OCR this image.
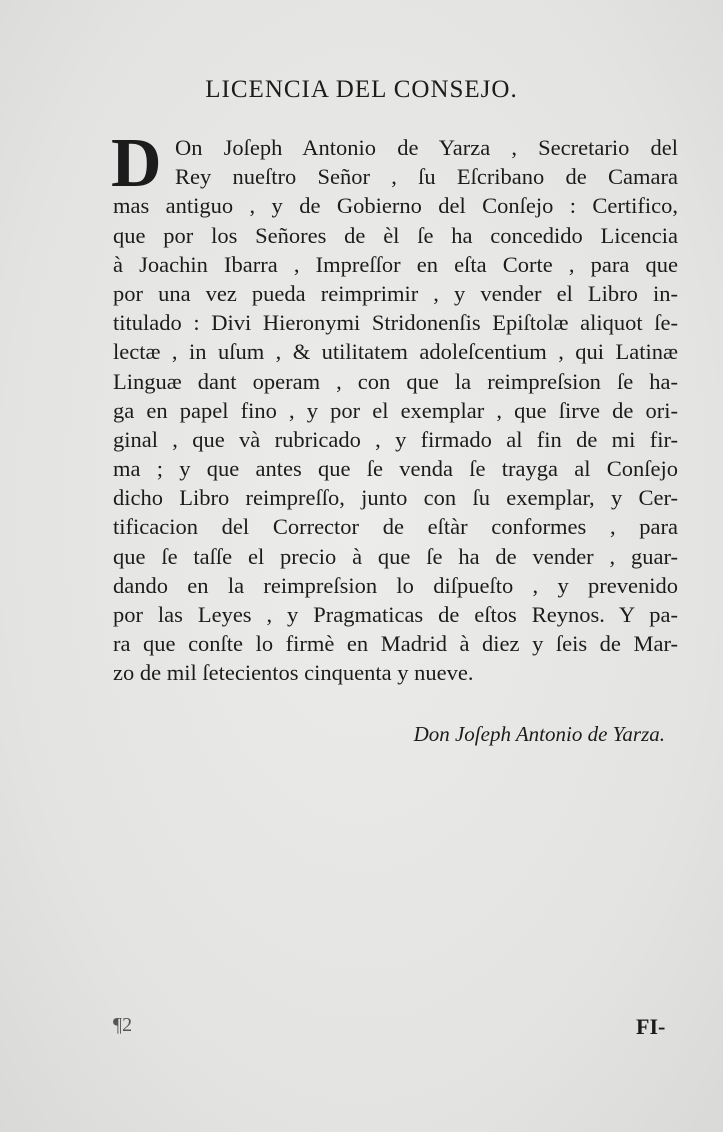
LICENCIA DEL CONSEJO.
D On Joſeph Antonio de Yarza , Secretario del
Rey nueſtro Señor , ſu Eſcribano de Camara
mas antiguo , y de Gobierno del Conſejo : Certifico,
que por los Señores de èl ſe ha concedido Licencia
à Joachin Ibarra , Impreſſor en eſta Corte , para que
por una vez pueda reimprimir , y vender el Libro in-
titulado : Divi Hieronymi Stridonenſis Epiſtolæ aliquot ſe-
lectæ , in uſum , & utilitatem adoleſcentium , qui Latinæ
Linguæ dant operam , con que la reimpreſsion ſe ha-
ga en papel fino , y por el exemplar , que ſirve de ori-
ginal , que và rubricado , y firmado al fin de mi fir-
ma ; y que antes que ſe venda ſe trayga al Conſejo
dicho Libro reimpreſſo, junto con ſu exemplar, y Cer-
tificacion del Corrector de eſtàr conformes , para
que ſe taſſe el precio à que ſe ha de vender , guar-
dando en la reimpreſsion lo diſpueſto , y prevenido
por las Leyes , y Pragmaticas de eſtos Reynos. Y pa-
ra que conſte lo firmè en Madrid à diez y ſeis de Mar-
zo de mil ſetecientos cinquenta y nueve.
Don Joſeph Antonio de Yarza.
¶2	FI-
